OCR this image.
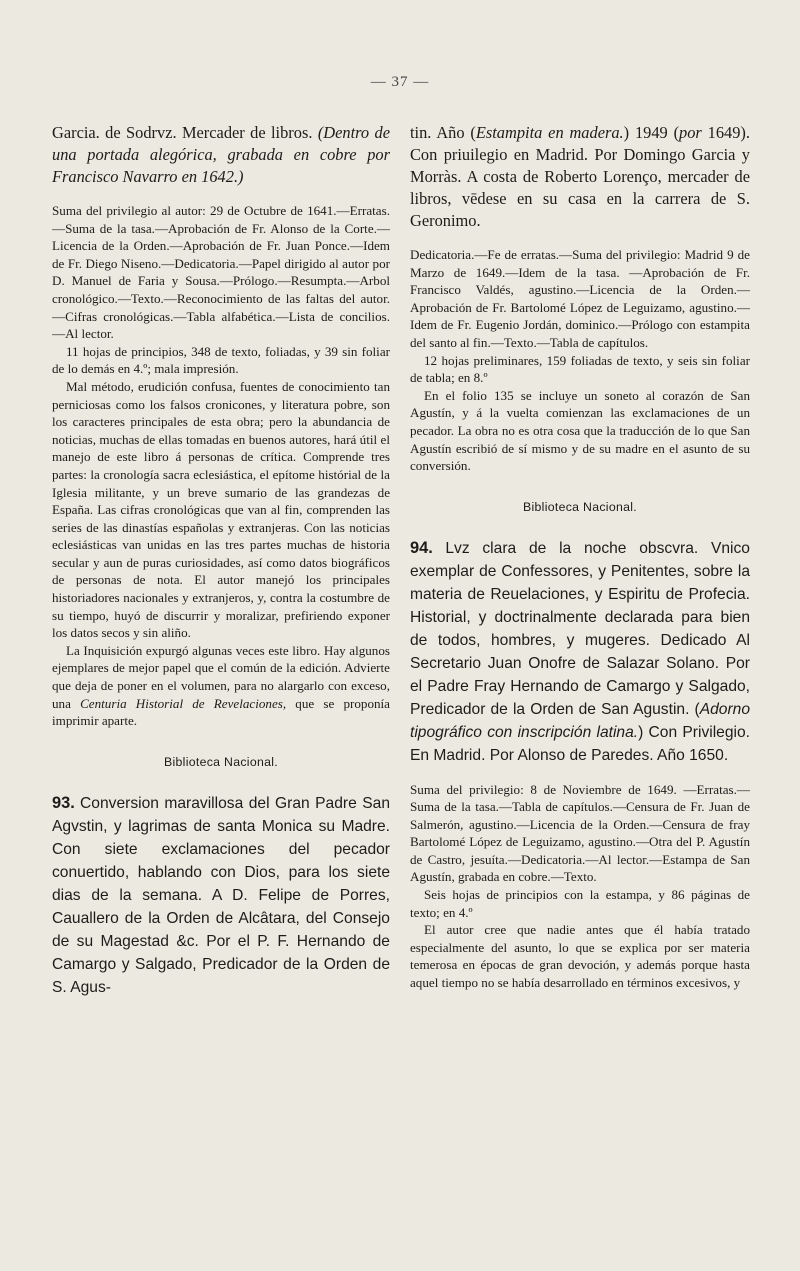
— 37 —

Garcia. de Sodrvz. Mercader de libros. (Dentro de una portada alegórica, grabada en cobre por Francisco Navarro en 1642.)

Suma del privilegio al autor: 29 de Octubre de 1641.—Erratas.—Suma de la tasa.—Aprobación de Fr. Alonso de la Corte.—Licencia de la Orden.—Aprobación de Fr. Juan Ponce.—Idem de Fr. Diego Niseno.—Dedicatoria.—Papel dirigido al autor por D. Manuel de Faria y Sousa.—Prólogo.—Resumpta.—Arbol cronológico.—Texto.—Reconocimiento de las faltas del autor.—Cifras cronológicas.—Tabla alfabética.—Lista de concilios.—Al lector.

11 hojas de principios, 348 de texto, foliadas, y 39 sin foliar de lo demás en 4.º; mala impresión.

Mal método, erudición confusa, fuentes de conocimiento tan perniciosas como los falsos cronicones, y literatura pobre, son los caracteres principales de esta obra; pero la abundancia de noticias, muchas de ellas tomadas en buenos autores, hará útil el manejo de este libro á personas de crítica. Comprende tres partes: la cronología sacra eclesiástica, el epítome histórial de la Iglesia militante, y un breve sumario de las grandezas de España. Las cifras cronológicas que van al fin, comprenden las series de las dinastías españolas y extranjeras. Con las noticias eclesiásticas van unidas en las tres partes muchas de historia secular y aun de puras curiosidades, así como datos biográficos de personas de nota. El autor manejó los principales historiadores nacionales y extranjeros, y, contra la costumbre de su tiempo, huyó de discurrir y moralizar, prefiriendo exponer los datos secos y sin aliño.

La Inquisición expurgó algunas veces este libro. Hay algunos ejemplares de mejor papel que el común de la edición. Advierte que deja de poner en el volumen, para no alargarlo con exceso, una Centuria Historial de Revelaciones, que se proponía imprimir aparte.

Biblioteca Nacional.

93. Conversion maravillosa del Gran Padre San Agvstin, y lagrimas de santa Monica su Madre. Con siete exclamaciones del pecador conuertido, hablando con Dios, para los siete dias de la semana. A D. Felipe de Porres, Cauallero de la Orden de Alcâtara, del Consejo de su Magestad &c. Por el P. F. Hernando de Camargo y Salgado, Predicador de la Orden de S. Agus-

tin. Año (Estampita en madera.) 1949 (por 1649). Con priuilegio en Madrid. Por Domingo Garcia y Morràs. A costa de Roberto Lorenço, mercader de libros, vēdese en su casa en la carrera de S. Geronimo.

Dedicatoria.—Fe de erratas.—Suma del privilegio: Madrid 9 de Marzo de 1649.—Idem de la tasa. —Aprobación de Fr. Francisco Valdés, agustino.—Licencia de la Orden.—Aprobación de Fr. Bartolomé López de Leguizamo, agustino.—Idem de Fr. Eugenio Jordán, dominico.—Prólogo con estampita del santo al fin.—Texto.—Tabla de capítulos.

12 hojas preliminares, 159 foliadas de texto, y seis sin foliar de tabla; en 8.º

En el folio 135 se incluye un soneto al corazón de San Agustín, y á la vuelta comienzan las exclamaciones de un pecador. La obra no es otra cosa que la traducción de lo que San Agustín escribió de sí mismo y de su madre en el asunto de su conversión.

Biblioteca Nacional.

94. Lvz clara de la noche obscvra. Vnico exemplar de Confessores, y Penitentes, sobre la materia de Reuelaciones, y Espiritu de Profecia. Historial, y doctrinalmente declarada para bien de todos, hombres, y mugeres. Dedicado Al Secretario Juan Onofre de Salazar Solano. Por el Padre Fray Hernando de Camargo y Salgado, Predicador de la Orden de San Agustin. (Adorno tipográfico con inscripción latina.) Con Privilegio. En Madrid. Por Alonso de Paredes. Año 1650.

Suma del privilegio: 8 de Noviembre de 1649. —Erratas.—Suma de la tasa.—Tabla de capítulos.—Censura de Fr. Juan de Salmerón, agustino.—Licencia de la Orden.—Censura de fray Bartolomé López de Leguizamo, agustino.—Otra del P. Agustín de Castro, jesuíta.—Dedicatoria.—Al lector.—Estampa de San Agustín, grabada en cobre.—Texto.

Seis hojas de principios con la estampa, y 86 páginas de texto; en 4.º

El autor cree que nadie antes que él había tratado especialmente del asunto, lo que se explica por ser materia temerosa en épocas de gran devoción, y además porque hasta aquel tiempo no se había desarrollado en términos excesivos, y
